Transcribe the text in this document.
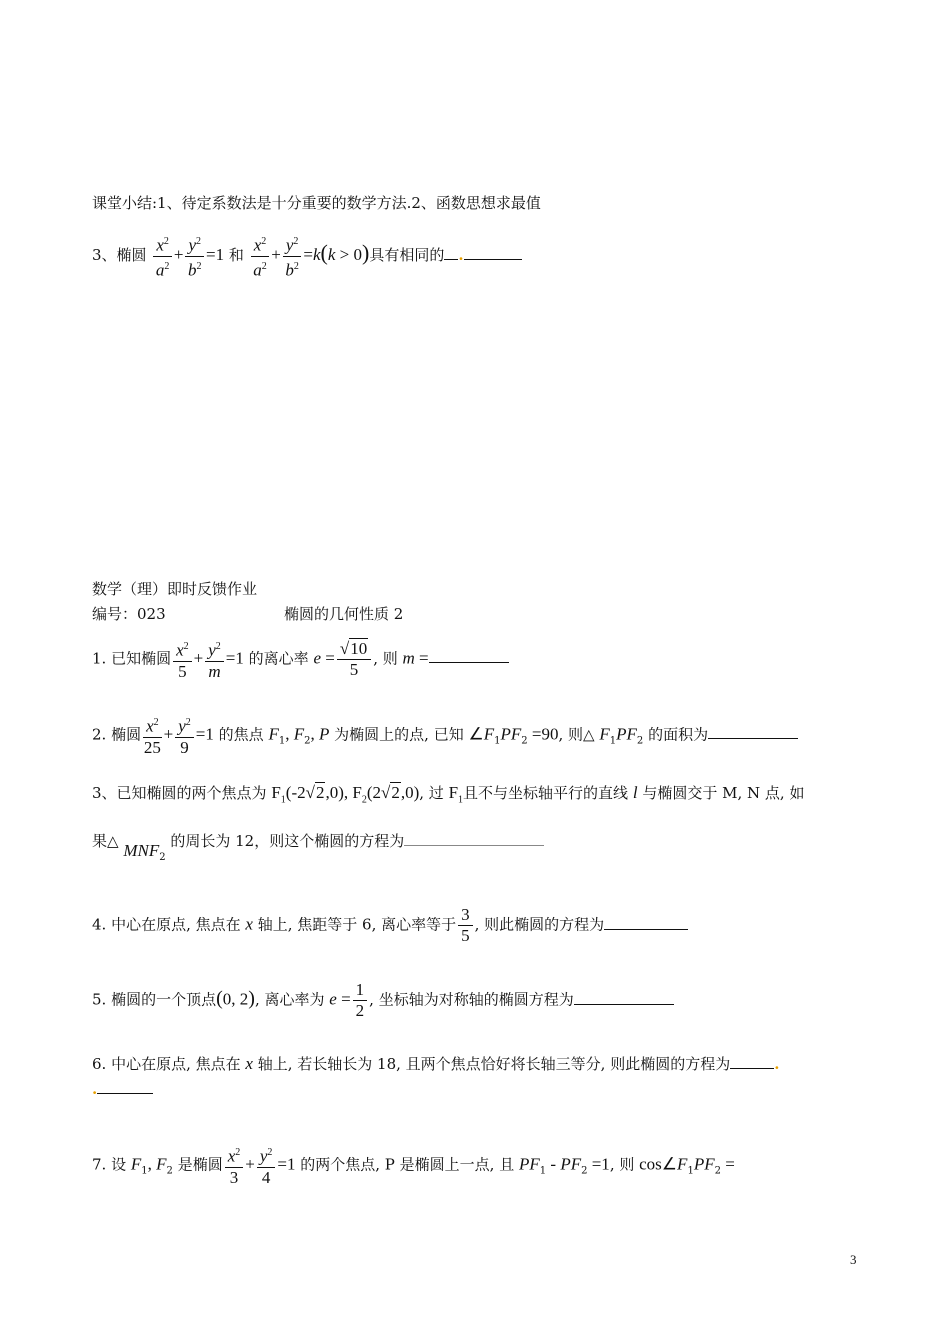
课堂小结:1、待定系数法是十分重要的数学方法.2、函数思想求最值
3、椭圆 $\frac{x^2}{a^2} + \frac{y^2}{b^2} =1$ 和 $\frac{x^2}{a^2} + \frac{y^2}{b^2} =k(k > 0)$具有相同的 .
数学（理）即时反馈作业
编号：023	椭圆的几何性质 2
1. 已知椭圆 $\frac{x^2}{5} + \frac{y^2}{m} =1$ 的离心率 $e = \frac{√10}{5}$ , 则 m =
2. 椭圆 $\frac{x^2}{25} + \frac{y^2}{9} =1$ 的焦点 $F_1$, $F_2$, P 为椭圆上的点, 已知 $\angle F_1PF_2 =90$, 则△ $F_1PF_2$ 的面积为
3、已知椭圆的两个焦点为 $F_1(-2√2,0)$, $F_2(2√2,0)$, 过 $F_1$且不与坐标轴平行的直线 l 与椭圆交于 M, N 点, 如
果△ $MNF_2$ 的周长为 12，则这个椭圆的方程为
4. 中心在原点, 焦点在 x 轴上, 焦距等于 6, 离心率等于 $\frac{3}{5}$ , 则此椭圆的方程为
5. 椭圆的一个顶点(0, 2), 离心率为 $e = \frac{1}{2}$ , 坐标轴为对称轴的椭圆方程为
6. 中心在原点, 焦点在 x 轴上, 若长轴长为 18, 且两个焦点恰好将长轴三等分, 则此椭圆的方程为	.
.
7. 设 $F_1$, $F_2$ 是椭圆 $\frac{x^2}{3} + \frac{y^2}{4} =1$ 的两个焦点, P 是椭圆上一点, 且 $PF_1 - PF_2 =1$, 则 $\cos\angle F_1PF_2$ =
3
